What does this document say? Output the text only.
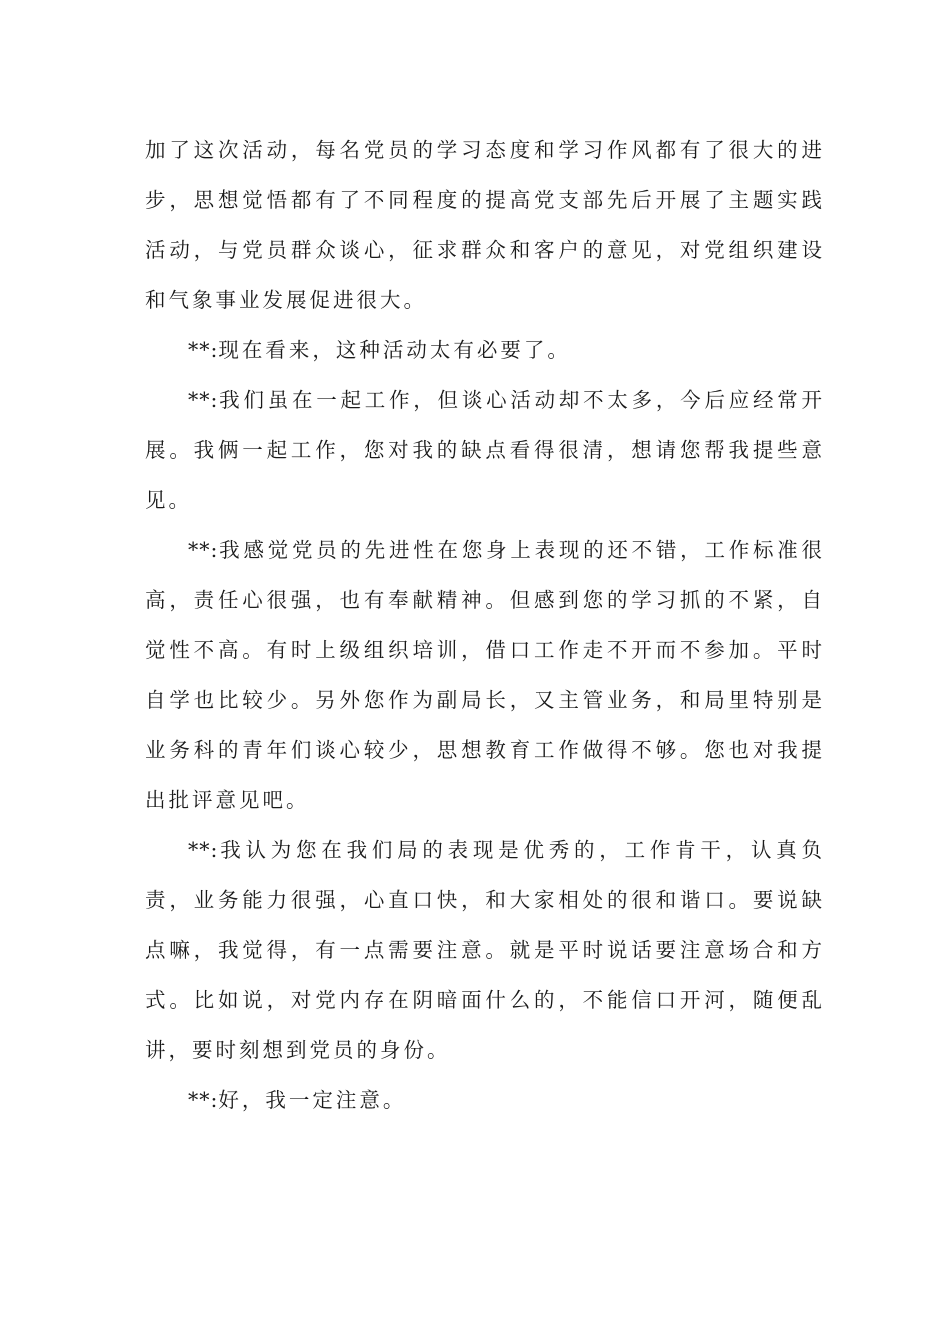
加了这次活动，每名党员的学习态度和学习作风都有了很大的进步，思想觉悟都有了不同程度的提高党支部先后开展了主题实践活动，与党员群众谈心，征求群众和客户的意见，对党组织建设和气象事业发展促进很大。

**:现在看来，这种活动太有必要了。

**:我们虽在一起工作，但谈心活动却不太多，今后应经常开展。我俩一起工作，您对我的缺点看得很清，想请您帮我提些意见。

**:我感觉党员的先进性在您身上表现的还不错，工作标准很高，责任心很强，也有奉献精神。但感到您的学习抓的不紧，自觉性不高。有时上级组织培训，借口工作走不开而不参加。平时自学也比较少。另外您作为副局长，又主管业务，和局里特别是业务科的青年们谈心较少，思想教育工作做得不够。您也对我提出批评意见吧。

**:我认为您在我们局的表现是优秀的，工作肯干，认真负责，业务能力很强，心直口快，和大家相处的很和谐口。要说缺点嘛，我觉得，有一点需要注意。就是平时说话要注意场合和方式。比如说，对党内存在阴暗面什么的，不能信口开河，随便乱讲，要时刻想到党员的身份。

**:好，我一定注意。
